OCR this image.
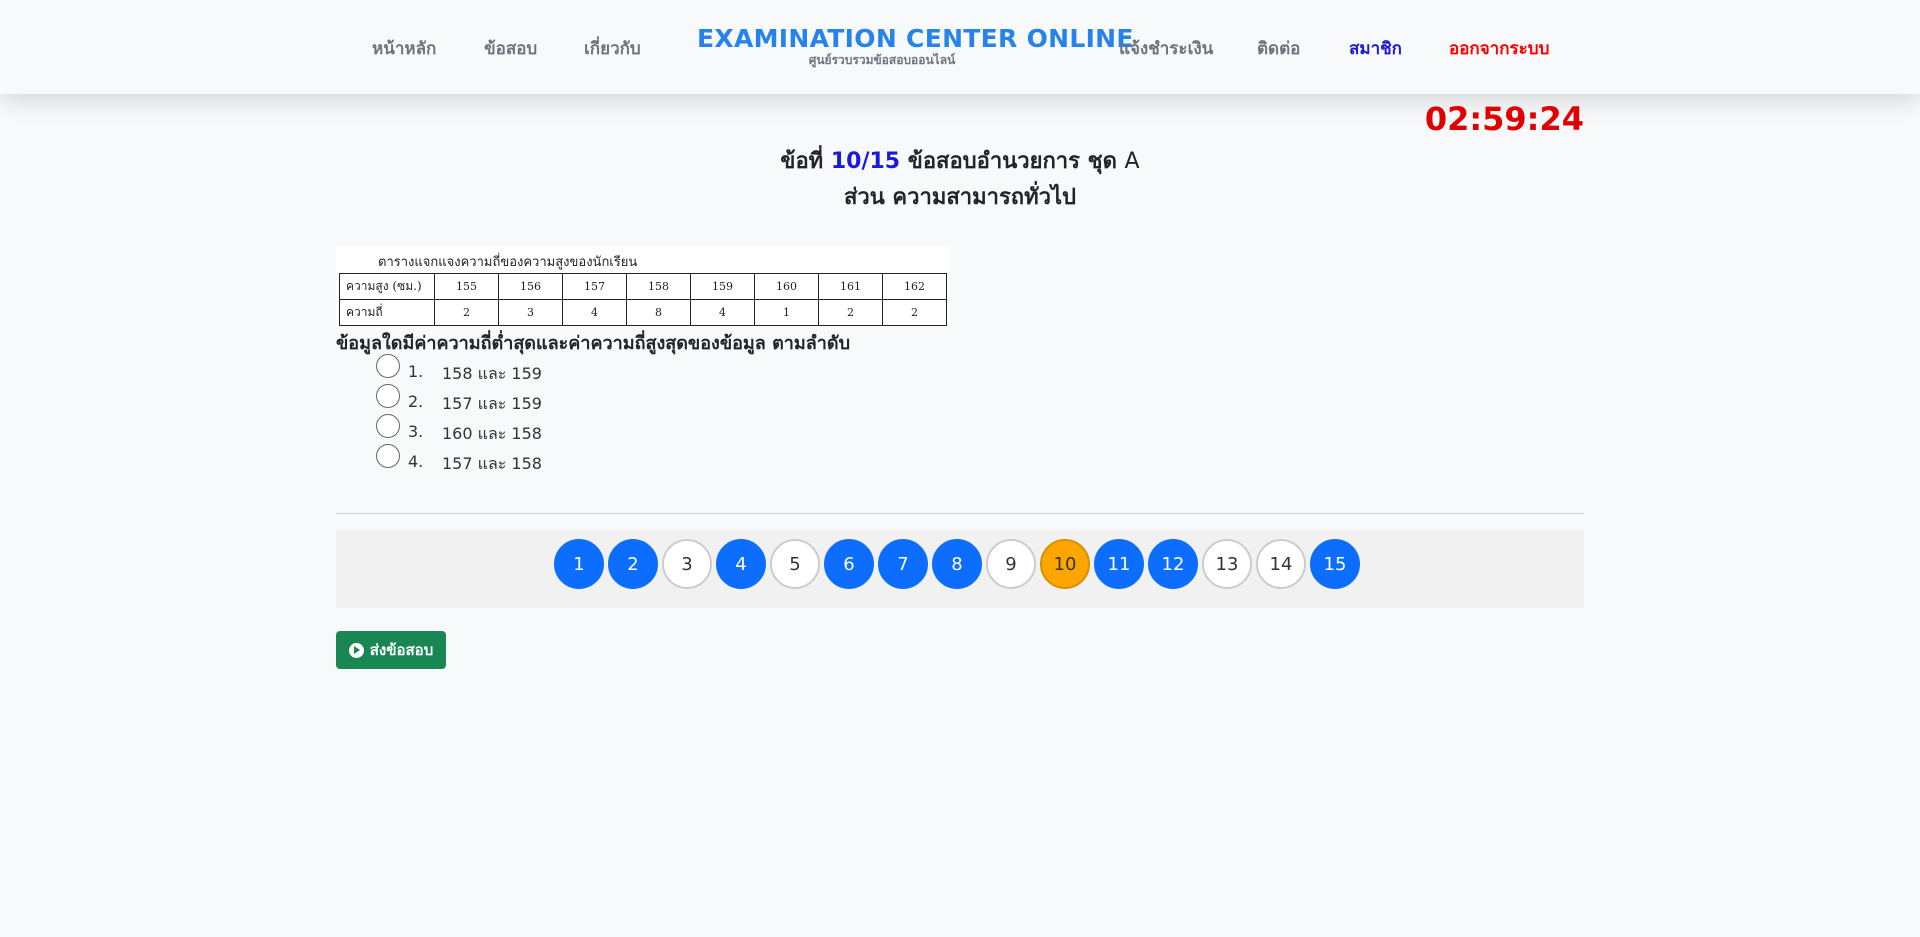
หน้าหลัก	ข้อสอบ	เกี่ยวกับ EXAMINATION CENTER ONLINE
ศูนย์รวบรวมข้อสอบออนไลน์
แจ้งชำระเงิน	ติดต่อ	สมาชิก	ออกจากระบบ
02:59:24
ข้อที่ 10/15 ข้อสอบอำนวยการ ชุด A
ส่วน ความสามารถทั่วไป
ตารางแจกแจงความถี่ของความสูงของนักเรียน
ความสูง (ซม.)	155	156	157	158	159	160	161	162
ความถี่	2	3	4	8	4	1	2	2
ข้อมูลใดมีค่าความถี่ต่ำสุดและค่าความถี่สูงสุดของข้อมูล ตามลำดับ
1. 158 และ 159
2. 157 และ 159
3. 160 และ 158
4. 157 และ 158
1	2	3	4	5	6	7	8	9	10	11	12	13	14	15
ส่งข้อสอบ
